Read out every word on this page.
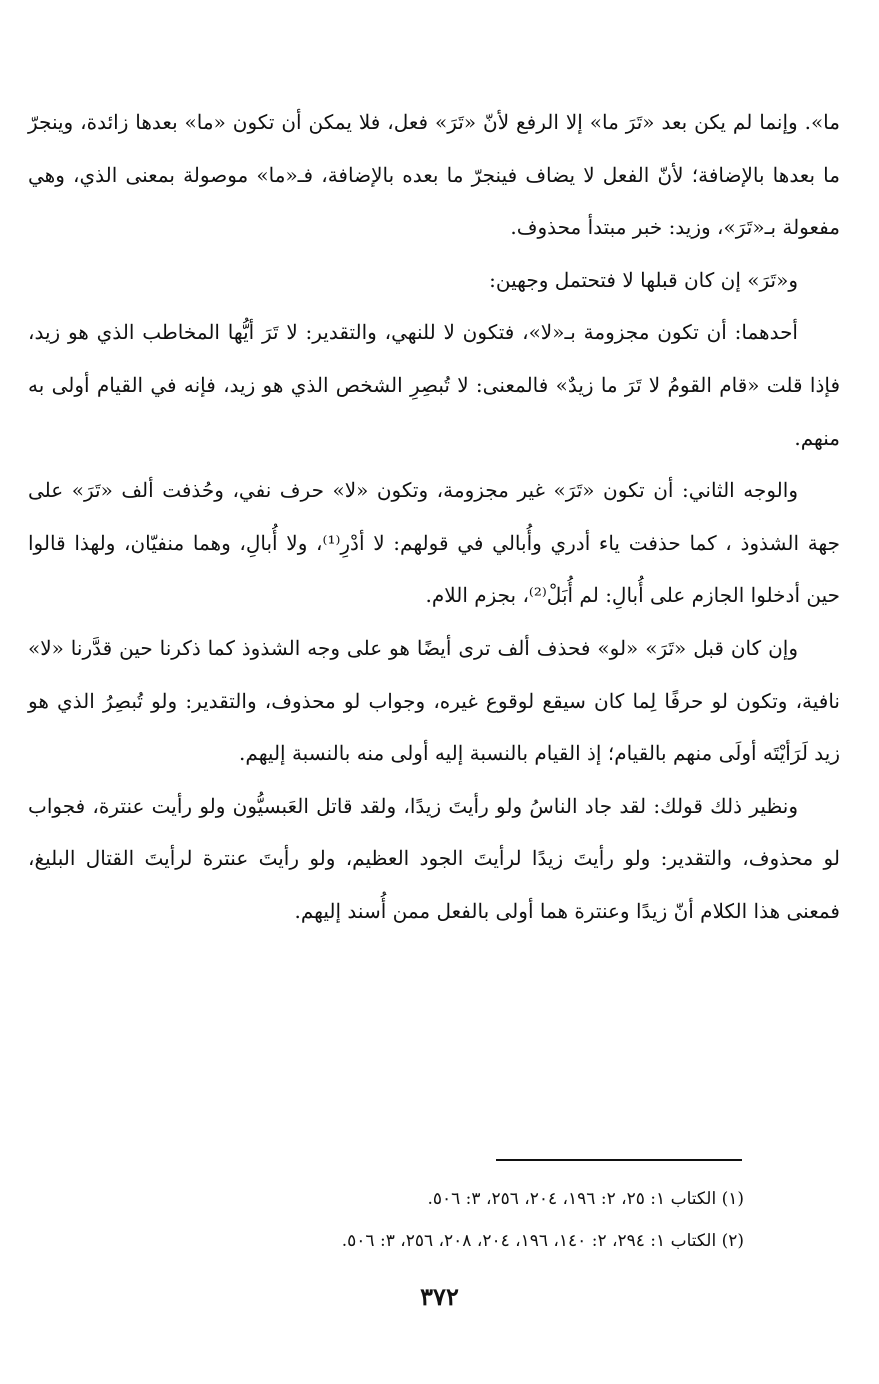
ما». وإنما لم يكن بعد «تَرَ ما» إلا الرفع لأنّ «تَرَ» فعل، فلا يمكن أن تكون «ما» بعدها زائدة، وينجرّ ما بعدها بالإضافة؛ لأنّ الفعل لا يضاف فينجرّ ما بعده بالإضافة، فـ«ما» موصولة بمعنى الذي، وهي مفعولة بـ«تَرَ»، وزيد: خبر مبتدأ محذوف.

و«تَرَ» إن كان قبلها لا فتحتمل وجهين:

أحدهما: أن تكون مجزومة بـ«لا»، فتكون لا للنهي، والتقدير: لا تَرَ أيُّها المخاطب الذي هو زيد، فإذا قلت «قام القومُ لا تَرَ ما زيدٌ» فالمعنى: لا تُبصِرِ الشخص الذي هو زيد، فإنه في القيام أولى به منهم.

والوجه الثاني: أن تكون «تَرَ» غير مجزومة، وتكون «لا» حرف نفي، وحُذفت ألف «تَرَ» على جهة الشذوذ ، كما حذفت ياء أدري وأُبالي في قولهم: لا أدْرِ⁽¹⁾، ولا أُبالِ، وهما منفيّان، ولهذا قالوا حين أدخلوا الجازم على أُبالِ: لم أُبَلْ⁽²⁾، بجزم اللام.

وإن كان قبل «تَرَ» «لو» فحذف ألف ترى أيضًا هو على وجه الشذوذ كما ذكرنا حين قدَّرنا «لا» نافية، وتكون لو حرفًا لِما كان سيقع لوقوع غيره، وجواب لو محذوف، والتقدير: ولو تُبصِرُ الذي هو زيد لَرَأيْتَه أولَى منهم بالقيام؛ إذ القيام بالنسبة إليه أولى منه بالنسبة إليهم.

ونظير ذلك قولك: لقد جاد الناسُ ولو رأيتَ زيدًا، ولقد قاتل العَبسيُّون ولو رأيت عنترة، فجواب لو محذوف، والتقدير: ولو رأيتَ زيدًا لرأيتَ الجود العظيم، ولو رأيتَ عنترة لرأيتَ القتال البليغ، فمعنى هذا الكلام أنّ زيدًا وعنترة هما أولى بالفعل ممن أُسند إليهم.

(١) الكتاب ١: ٢٥، ٢: ١٩٦، ٢٠٤، ٢٥٦، ٣: ٥٠٦.

(٢) الكتاب ١: ٢٩٤، ٢: ١٤٠، ١٩٦، ٢٠٤، ٢٠٨، ٢٥٦، ٣: ٥٠٦.

٣٧٢
